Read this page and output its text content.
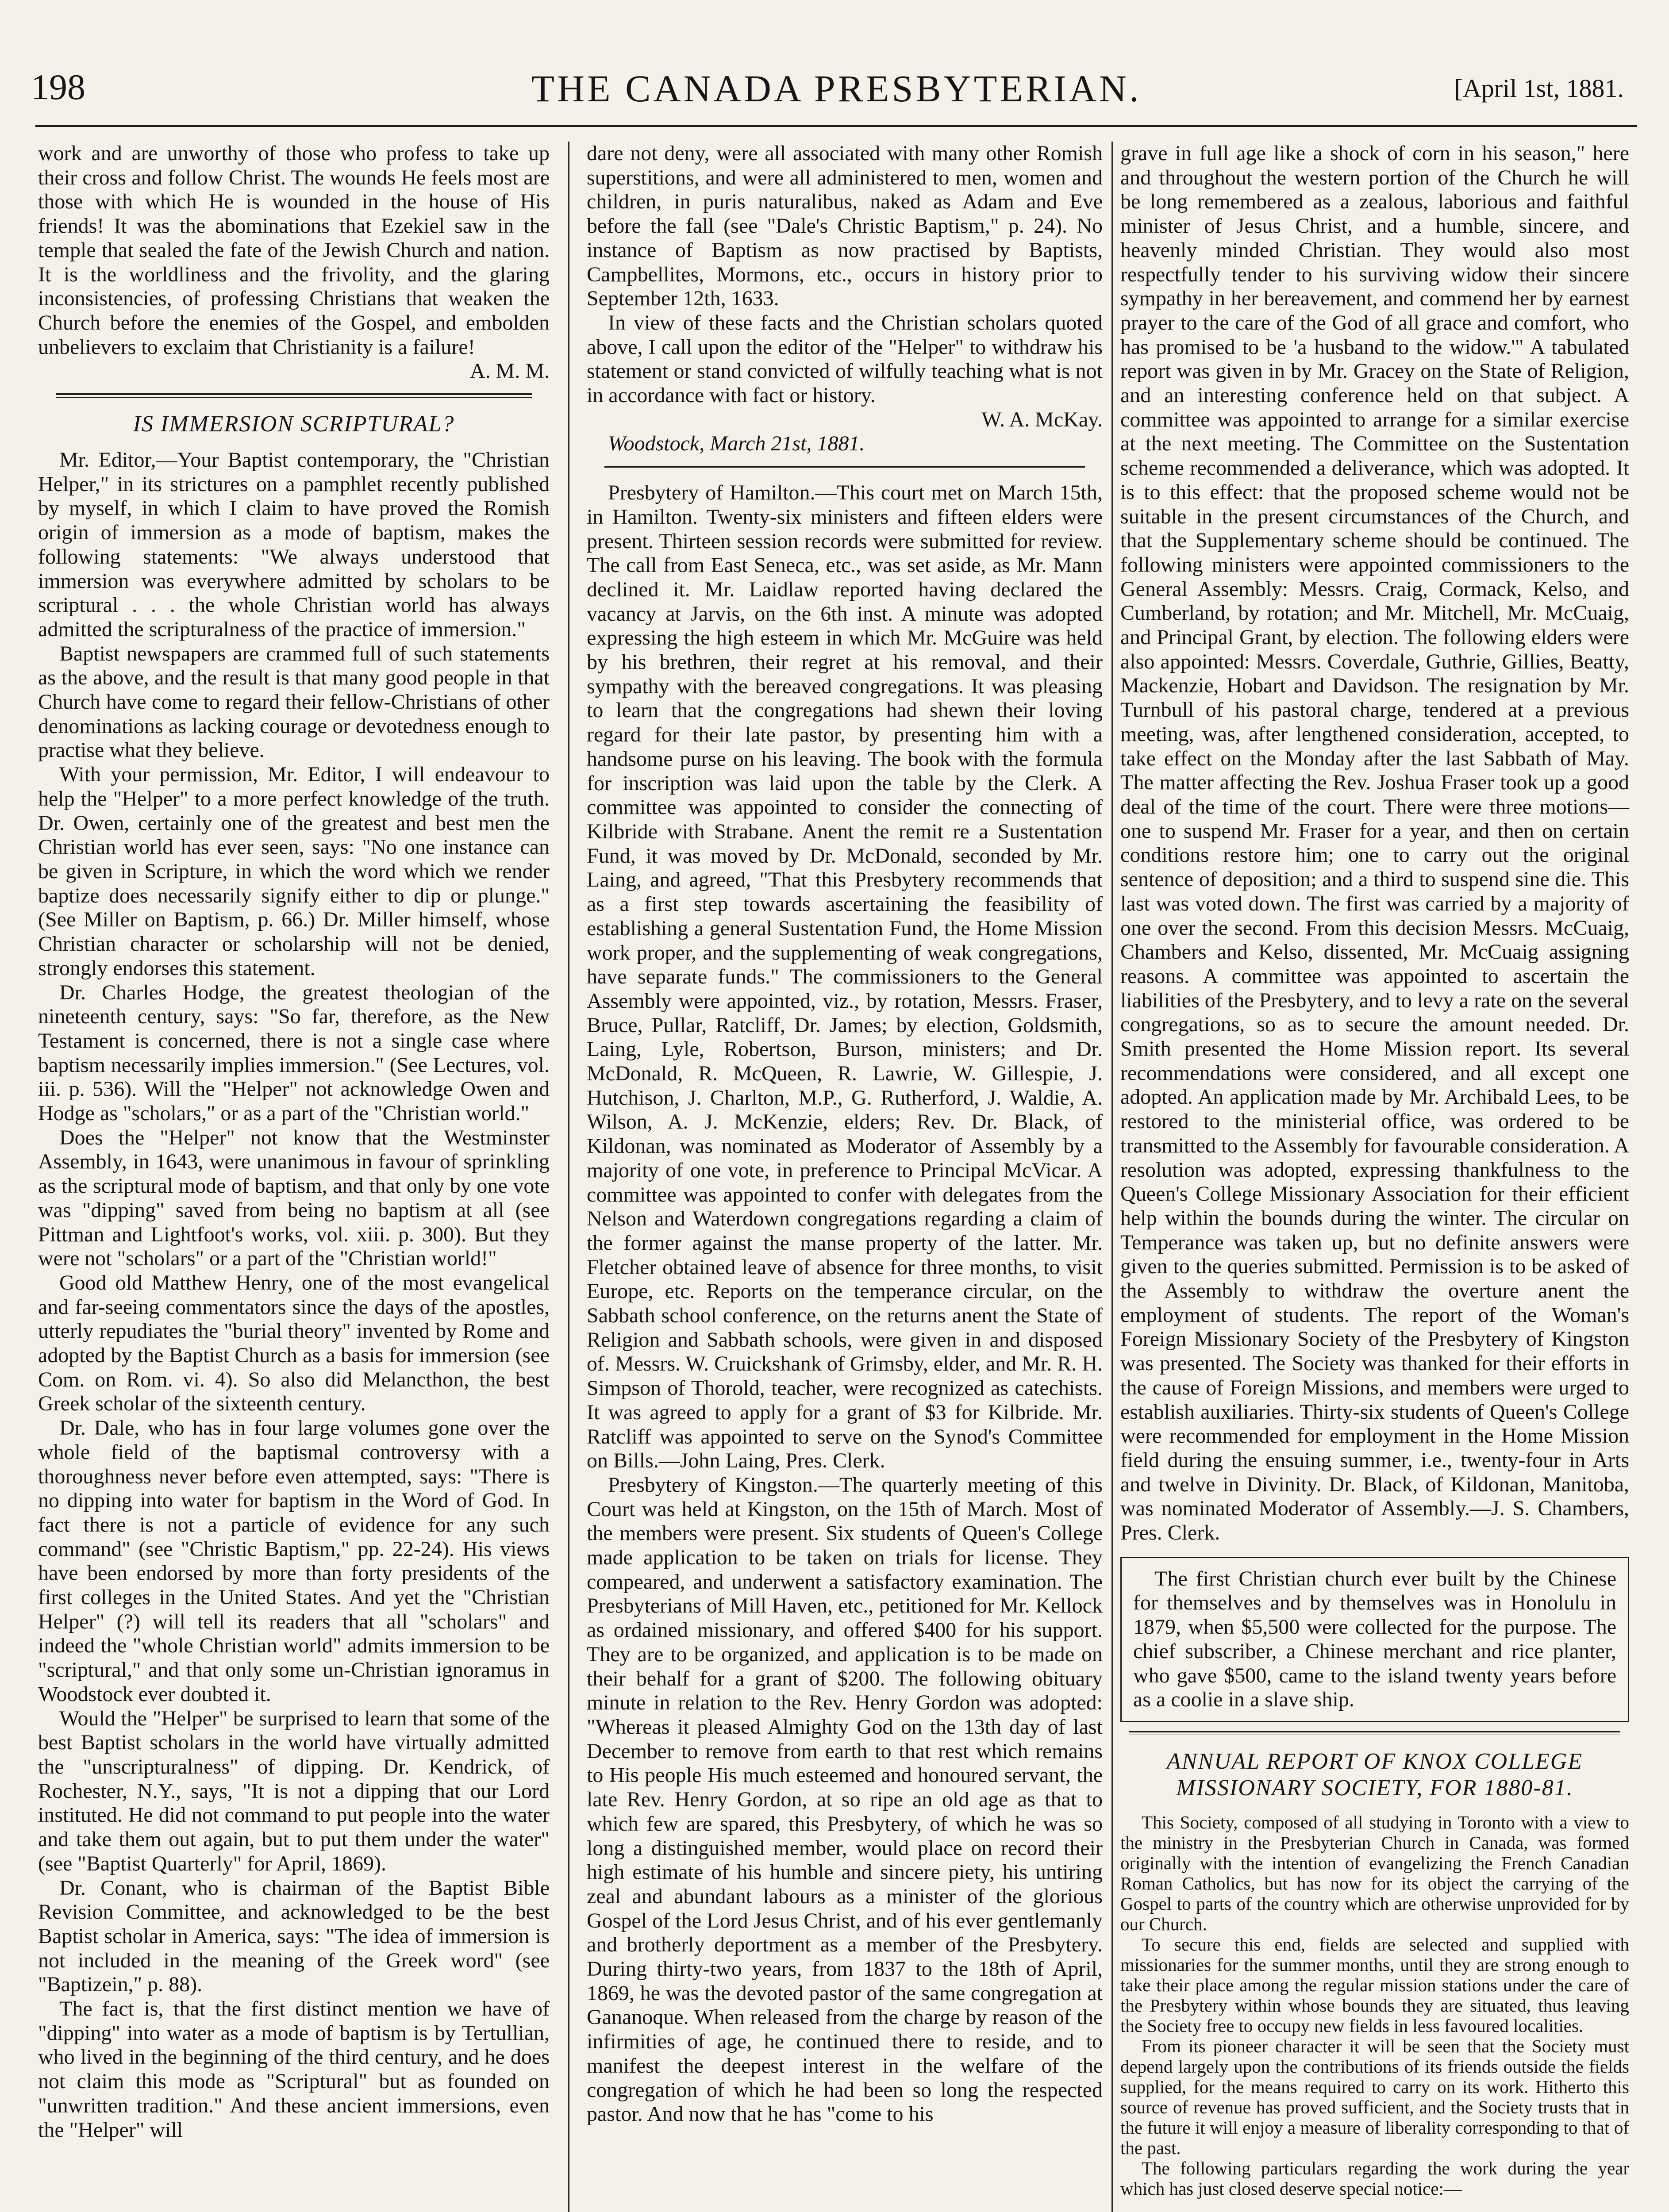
198	THE CANADA PRESBYTERIAN.	[April 1st, 1881.

work and are unworthy of those who profess to take up their cross and follow Christ. The wounds He feels most are those with which He is wounded in the house of His friends! It was the abominations that Ezekiel saw in the temple that sealed the fate of the Jewish Church and nation. It is the worldliness and the frivolity, and the glaring inconsistencies, of professing Christians that weaken the Church before the enemies of the Gospel, and embolden unbelievers to exclaim that Christianity is a failure!

A. M. M.

IS IMMERSION SCRIPTURAL?

Mr. Editor,—Your Baptist contemporary, the "Christian Helper," in its strictures on a pamphlet recently published by myself, in which I claim to have proved the Romish origin of immersion as a mode of baptism, makes the following statements: "We always understood that immersion was everywhere admitted by scholars to be scriptural . . . the whole Christian world has always admitted the scripturalness of the practice of immersion."

Baptist newspapers are crammed full of such statements as the above, and the result is that many good people in that Church have come to regard their fellow-Christians of other denominations as lacking courage or devotedness enough to practise what they believe.

With your permission, Mr. Editor, I will endeavour to help the "Helper" to a more perfect knowledge of the truth. Dr. Owen, certainly one of the greatest and best men the Christian world has ever seen, says: "No one instance can be given in Scripture, in which the word which we render baptize does necessarily signify either to dip or plunge." (See Miller on Baptism, p. 66.) Dr. Miller himself, whose Christian character or scholarship will not be denied, strongly endorses this statement.

Dr. Charles Hodge, the greatest theologian of the nineteenth century, says: "So far, therefore, as the New Testament is concerned, there is not a single case where baptism necessarily implies immersion." (See Lectures, vol. iii. p. 536). Will the "Helper" not acknowledge Owen and Hodge as "scholars," or as a part of the "Christian world."

Does the "Helper" not know that the Westminster Assembly, in 1643, were unanimous in favour of sprinkling as the scriptural mode of baptism, and that only by one vote was "dipping" saved from being no baptism at all (see Pittman and Lightfoot's works, vol. xiii. p. 300). But they were not "scholars" or a part of the "Christian world!"

Good old Matthew Henry, one of the most evangelical and far-seeing commentators since the days of the apostles, utterly repudiates the "burial theory" invented by Rome and adopted by the Baptist Church as a basis for immersion (see Com. on Rom. vi. 4). So also did Melancthon, the best Greek scholar of the sixteenth century.

Dr. Dale, who has in four large volumes gone over the whole field of the baptismal controversy with a thoroughness never before even attempted, says: "There is no dipping into water for baptism in the Word of God. In fact there is not a particle of evidence for any such command" (see "Christic Baptism," pp. 22-24). His views have been endorsed by more than forty presidents of the first colleges in the United States. And yet the "Christian Helper" (?) will tell its readers that all "scholars" and indeed the "whole Christian world" admits immersion to be "scriptural," and that only some un-Christian ignoramus in Woodstock ever doubted it.

Would the "Helper" be surprised to learn that some of the best Baptist scholars in the world have virtually admitted the "unscripturalness" of dipping. Dr. Kendrick, of Rochester, N.Y., says, "It is not a dipping that our Lord instituted. He did not command to put people into the water and take them out again, but to put them under the water" (see "Baptist Quarterly" for April, 1869).

Dr. Conant, who is chairman of the Baptist Bible Revision Committee, and acknowledged to be the best Baptist scholar in America, says: "The idea of immersion is not included in the meaning of the Greek word" (see "Baptizein," p. 88).

The fact is, that the first distinct mention we have of "dipping" into water as a mode of baptism is by Tertullian, who lived in the beginning of the third century, and he does not claim this mode as "Scriptural" but as founded on "unwritten tradition." And these ancient immersions, even the "Helper" will

dare not deny, were all associated with many other Romish superstitions, and were all administered to men, women and children, in puris naturalibus, naked as Adam and Eve before the fall (see "Dale's Christic Baptism," p. 24). No instance of Baptism as now practised by Baptists, Campbellites, Mormons, etc., occurs in history prior to September 12th, 1633.

In view of these facts and the Christian scholars quoted above, I call upon the editor of the "Helper" to withdraw his statement or stand convicted of wilfully teaching what is not in accordance with fact or history.

W. A. McKay.

Woodstock, March 21st, 1881.

Presbytery of Hamilton.—This court met on March 15th, in Hamilton. Twenty-six ministers and fifteen elders were present. Thirteen session records were submitted for review. The call from East Seneca, etc., was set aside, as Mr. Mann declined it. Mr. Laidlaw reported having declared the vacancy at Jarvis, on the 6th inst. A minute was adopted expressing the high esteem in which Mr. McGuire was held by his brethren, their regret at his removal, and their sympathy with the bereaved congregations. It was pleasing to learn that the congregations had shewn their loving regard for their late pastor, by presenting him with a handsome purse on his leaving. The book with the formula for inscription was laid upon the table by the Clerk. A committee was appointed to consider the connecting of Kilbride with Strabane. Anent the remit re a Sustentation Fund, it was moved by Dr. McDonald, seconded by Mr. Laing, and agreed, "That this Presbytery recommends that as a first step towards ascertaining the feasibility of establishing a general Sustentation Fund, the Home Mission work proper, and the supplementing of weak congregations, have separate funds." The commissioners to the General Assembly were appointed, viz., by rotation, Messrs. Fraser, Bruce, Pullar, Ratcliff, Dr. James; by election, Goldsmith, Laing, Lyle, Robertson, Burson, ministers; and Dr. McDonald, R. McQueen, R. Lawrie, W. Gillespie, J. Hutchison, J. Charlton, M.P., G. Rutherford, J. Waldie, A. Wilson, A. J. McKenzie, elders; Rev. Dr. Black, of Kildonan, was nominated as Moderator of Assembly by a majority of one vote, in preference to Principal McVicar. A committee was appointed to confer with delegates from the Nelson and Waterdown congregations regarding a claim of the former against the manse property of the latter. Mr. Fletcher obtained leave of absence for three months, to visit Europe, etc. Reports on the temperance circular, on the Sabbath school conference, on the returns anent the State of Religion and Sabbath schools, were given in and disposed of. Messrs. W. Cruickshank of Grimsby, elder, and Mr. R. H. Simpson of Thorold, teacher, were recognized as catechists. It was agreed to apply for a grant of $3 for Kilbride. Mr. Ratcliff was appointed to serve on the Synod's Committee on Bills.—John Laing, Pres. Clerk.

Presbytery of Kingston.—The quarterly meeting of this Court was held at Kingston, on the 15th of March. Most of the members were present. Six students of Queen's College made application to be taken on trials for license. They compeared, and underwent a satisfactory examination. The Presbyterians of Mill Haven, etc., petitioned for Mr. Kellock as ordained missionary, and offered $400 for his support. They are to be organized, and application is to be made on their behalf for a grant of $200. The following obituary minute in relation to the Rev. Henry Gordon was adopted: "Whereas it pleased Almighty God on the 13th day of last December to remove from earth to that rest which remains to His people His much esteemed and honoured servant, the late Rev. Henry Gordon, at so ripe an old age as that to which few are spared, this Presbytery, of which he was so long a distinguished member, would place on record their high estimate of his humble and sincere piety, his untiring zeal and abundant labours as a minister of the glorious Gospel of the Lord Jesus Christ, and of his ever gentlemanly and brotherly deportment as a member of the Presbytery. During thirty-two years, from 1837 to the 18th of April, 1869, he was the devoted pastor of the same congregation at Gananoque. When released from the charge by reason of the infirmities of age, he continued there to reside, and to manifest the deepest interest in the welfare of the congregation of which he had been so long the respected pastor. And now that he has "come to his

grave in full age like a shock of corn in his season," here and throughout the western portion of the Church he will be long remembered as a zealous, laborious and faithful minister of Jesus Christ, and a humble, sincere, and heavenly minded Christian. They would also most respectfully tender to his surviving widow their sincere sympathy in her bereavement, and commend her by earnest prayer to the care of the God of all grace and comfort, who has promised to be 'a husband to the widow.'" A tabulated report was given in by Mr. Gracey on the State of Religion, and an interesting conference held on that subject. A committee was appointed to arrange for a similar exercise at the next meeting. The Committee on the Sustentation scheme recommended a deliverance, which was adopted. It is to this effect: that the proposed scheme would not be suitable in the present circumstances of the Church, and that the Supplementary scheme should be continued. The following ministers were appointed commissioners to the General Assembly: Messrs. Craig, Cormack, Kelso, and Cumberland, by rotation; and Mr. Mitchell, Mr. McCuaig, and Principal Grant, by election. The following elders were also appointed: Messrs. Coverdale, Guthrie, Gillies, Beatty, Mackenzie, Hobart and Davidson. The resignation by Mr. Turnbull of his pastoral charge, tendered at a previous meeting, was, after lengthened consideration, accepted, to take effect on the Monday after the last Sabbath of May. The matter affecting the Rev. Joshua Fraser took up a good deal of the time of the court. There were three motions—one to suspend Mr. Fraser for a year, and then on certain conditions restore him; one to carry out the original sentence of deposition; and a third to suspend sine die. This last was voted down. The first was carried by a majority of one over the second. From this decision Messrs. McCuaig, Chambers and Kelso, dissented, Mr. McCuaig assigning reasons. A committee was appointed to ascertain the liabilities of the Presbytery, and to levy a rate on the several congregations, so as to secure the amount needed. Dr. Smith presented the Home Mission report. Its several recommendations were considered, and all except one adopted. An application made by Mr. Archibald Lees, to be restored to the ministerial office, was ordered to be transmitted to the Assembly for favourable consideration. A resolution was adopted, expressing thankfulness to the Queen's College Missionary Association for their efficient help within the bounds during the winter. The circular on Temperance was taken up, but no definite answers were given to the queries submitted. Permission is to be asked of the Assembly to withdraw the overture anent the employment of students. The report of the Woman's Foreign Missionary Society of the Presbytery of Kingston was presented. The Society was thanked for their efforts in the cause of Foreign Missions, and members were urged to establish auxiliaries. Thirty-six students of Queen's College were recommended for employment in the Home Mission field during the ensuing summer, i.e., twenty-four in Arts and twelve in Divinity. Dr. Black, of Kildonan, Manitoba, was nominated Moderator of Assembly.—J. S. Chambers, Pres. Clerk.

The first Christian church ever built by the Chinese for themselves and by themselves was in Honolulu in 1879, when $5,500 were collected for the purpose. The chief subscriber, a Chinese merchant and rice planter, who gave $500, came to the island twenty years before as a coolie in a slave ship.

ANNUAL REPORT OF KNOX COLLEGE MISSIONARY SOCIETY, FOR 1880-81.

This Society, composed of all studying in Toronto with a view to the ministry in the Presbyterian Church in Canada, was formed originally with the intention of evangelizing the French Canadian Roman Catholics, but has now for its object the carrying of the Gospel to parts of the country which are otherwise unprovided for by our Church.

To secure this end, fields are selected and supplied with missionaries for the summer months, until they are strong enough to take their place among the regular mission stations under the care of the Presbytery within whose bounds they are situated, thus leaving the Society free to occupy new fields in less favoured localities.

From its pioneer character it will be seen that the Society must depend largely upon the contributions of its friends outside the fields supplied, for the means required to carry on its work. Hitherto this source of revenue has proved sufficient, and the Society trusts that in the future it will enjoy a measure of liberality corresponding to that of the past.

The following particulars regarding the work during the year which has just closed deserve special notice:—
